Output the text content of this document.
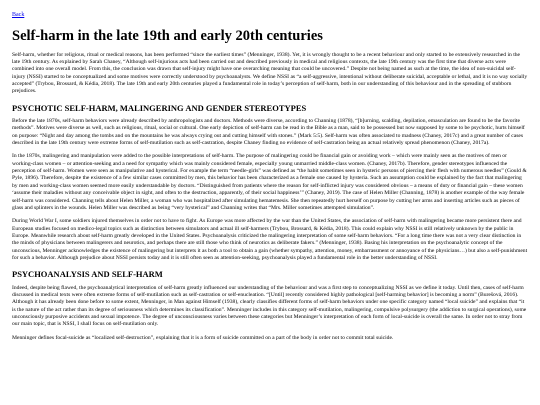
Back
Self-harm in the late 19th and early 20th centuries

Self-harm, whether for religious, ritual or medical reasons, has been performed “since the earliest times” (Menninger, 1938). Yet, it is wrongly thought to be a recent behaviour and only started to be extensively researched in the late 19th century. As explained by Sarah Chaney, “Although self-injurious acts had been carried out and described previously in medical and religious contexts, the late 19th century was the first time that diverse acts were combined into one overall model. From this, the conclusion was drawn that self-injury might have one overarching meaning that could be uncovered.” Despite not being named as such at the time, the idea of non-suicidal self-injury (NSSI) started to be conceptualized and some motives were correctly understood by psychoanalysts. We define NSSI as “a self-aggressive, intentional without deliberate suicidal, acceptable or lethal, and it is no way socially accepted” (Trybou, Brossard, & Kédia, 2018). The late 19th and early 20th centuries played a fundamental role in today’s perception of self-harm, both in our understanding of this behaviour and in the spreading of stubborn prejudices.

PSYCHOTIC SELF-HARM, MALINGERING AND GENDER STEREOTYPES

Before the late 1870s, self-harm behaviors were already described by anthropologists and doctors. Methods were diverse, according to Channing (1878), “[b]urning, scalding, depilation, emasculation are found to be the favorite methods”. Motives were diverse as well, such as religious, ritual, social or cultural. One early depiction of self-harm can be read in the Bible as a man, said to be possessed but now supposed by some to be psychotic, hurts himself on purpose: “Night and day among the tombs and on the mountains he was always crying out and cutting himself with stones.” (Mark 5:5). Self-harm was often associated to madness (Chaney, 2017c) and a great number of cases described in the late 19th century were extreme forms of self-mutilation such as self-castration, despite Chaney finding no evidence of self-castration being an actual relatively spread phenomenon (Chaney, 2017a).

In the 1870s, malingering and manipulation were added to the possible interpretations of self-harm. The purpose of malingering could be financial gain or avoiding work – which were mainly seen as the motives of men or working-class women – or attention-seeking and a need for sympathy which was mainly considered female, especially young unmarried middle-class women. (Chaney, 2017b). Therefore, gender stereotypes influenced the perception of self-harm. Women were seen as manipulative and hysterical. For example the term “needle-girls” was defined as “the habit sometimes seen in hysteric persons of piercing their flesh with numerous needles” (Gould & Pyle, 1896). Therefore, despite the existence of a few similar cases committed by men, this behavior has been characterized as a female one caused by hysteria. Such an assumption could be explained by the fact that malingering by men and working-class women seemed more easily understandable by doctors. “Distinguished from patients where the reason for self-inflicted injury was considered obvious – a means of duty or financial gain – these women ‘assume their maladies without any conceivable object in sight, and often to the destruction, apparently, of their social happiness’” (Chaney, 2019). The case of Helen Miller (Channing, 1878) is another example of the way female self-harm was considered. Channing tells about Helen Miller, a woman who was hospitalized after simulating hematemesis. She then repeatedly hurt herself on purpose by cutting her arms and inserting articles such as pieces of glass and splinters in the wounds. Helen Miller was described as being “very hysterical” and Channing writes that “Mrs. Miller sometimes attempted simulation”.

During World War I, some soldiers injured themselves in order not to have to fight. As Europe was more affected by the war than the United States, the association of self-harm with malingering became more persistent there and European studies focused on medico-legal topics such as distinction between simulators and actual ill self-harmers (Trybou, Brossard, & Kédia, 2018). This could explain why NSSI is still relatively unknown by the public in Europe. Meanwhile research about self-harm greatly developed in the United States. Psychoanalysis criticized the malingering interpretation of some self-harm behaviors. “For a long time there was not a very clear distinction in the minds of physicians between malingerers and neurotics, and perhaps there are still those who think of neurotics as deliberate fakers.” (Menninger, 1938). Basing his interpretation on the psychoanalytic concept of the unconscious, Menninger acknowledges the existence of malingering but interprets it as both a tool to obtain a gain (whether sympathy, attention, money, embarrassment or annoyance of the physicians…) but also a self-punishment for such a behavior. Although prejudice about NSSI persists today and it is still often seen as attention-seeking, psychoanalysis played a fundamental role in the better understanding of NSSI.

PSYCHOANALYSIS AND SELF-HARM

Indeed, despite being flawed, the psychoanalytical interpretation of self-harm greatly influenced our understanding of the behaviour and was a first step to conceptualizing NSSI as we define it today. Until then, cases of self-harm discussed in medical texts were often extreme forms of self-mutilation such as self-castration or self-enucleation. “[Until] recently considered highly pathological [self-harming behavior] is becoming a norm” (Burešová, 2016). Although it has already been done before to some extent, Menninger, in Man against Himself (1938), clearly classifies different forms of self-harm behaviors under one specific category named “local suicide” and explains that “it is the nature of the act rather than its degree of seriousness which determines its classification”. Menninger includes in this category self-mutilation, malingering, compulsive polysurgery (the addiction to surgical operations), some unconsciously purposive accidents and sexual impotence. The degree of unconsciousness varies between these categories but Menninger’s interpretation of each form of local-suicide is overall the same. In order not to stray from our main topic, that is NSSI, I shall focus on self-mutilation only.

Menninger defines focal-suicide as “localized self-destruction”, explaining that it is a form of suicide committed on a part of the body in order not to commit total suicide.
